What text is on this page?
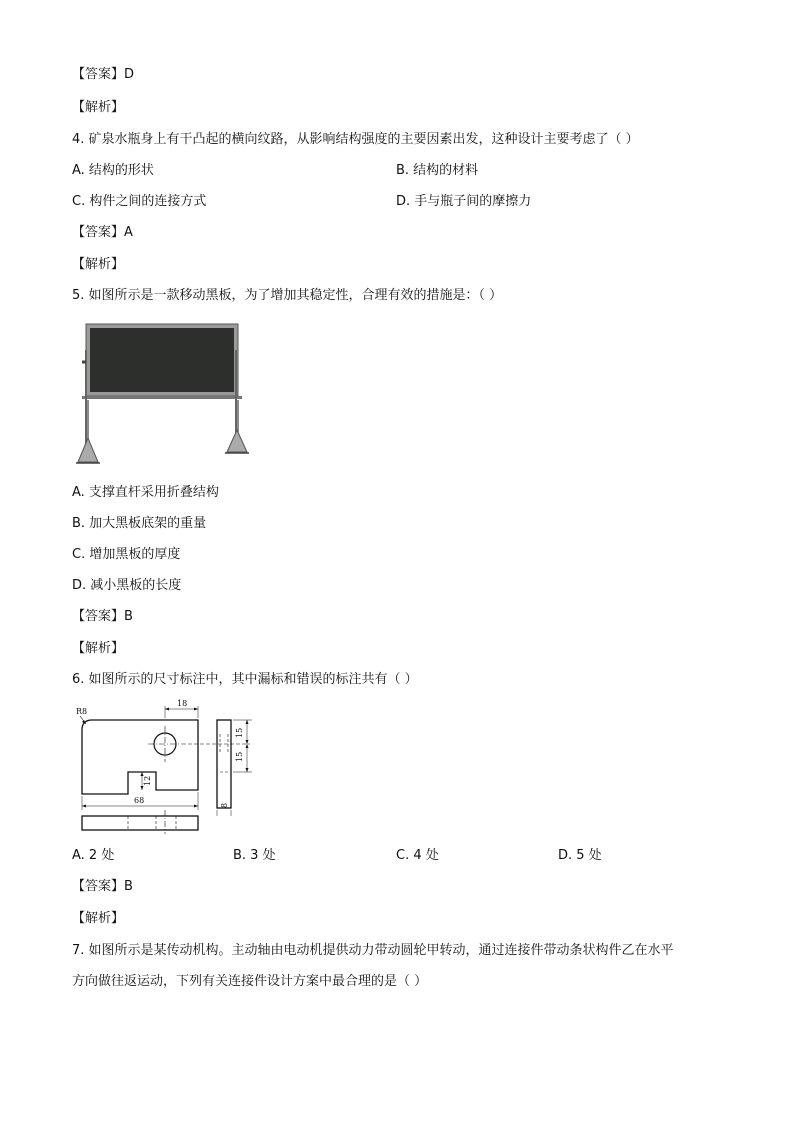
【答案】D
【解析】
4. 矿泉水瓶身上有干凸起的横向纹路，从影响结构强度的主要因素出发，这种设计主要考虑了（ ）
A. 结构的形状	B. 结构的材料
C. 构件之间的连接方式	D. 手与瓶子间的摩擦力
【答案】A
【解析】
5. 如图所示是一款移动黑板，为了增加其稳定性，合理有效的措施是：（ ）
A. 支撑直杆采用折叠结构
B. 加大黑板底架的重量
C. 增加黑板的厚度
D. 减小黑板的长度
【答案】B
【解析】
6. 如图所示的尺寸标注中，其中漏标和错误的标注共有（ ）
R8
18
12
68
15
15
8
A. 2 处	B. 3 处	C. 4 处	D. 5 处
【答案】B
【解析】
7. 如图所示是某传动机构。主动轴由电动机提供动力带动圆轮甲转动，通过连接件带动条状构件乙在水平
方向做往返运动，下列有关连接件设计方案中最合理的是（ ）
